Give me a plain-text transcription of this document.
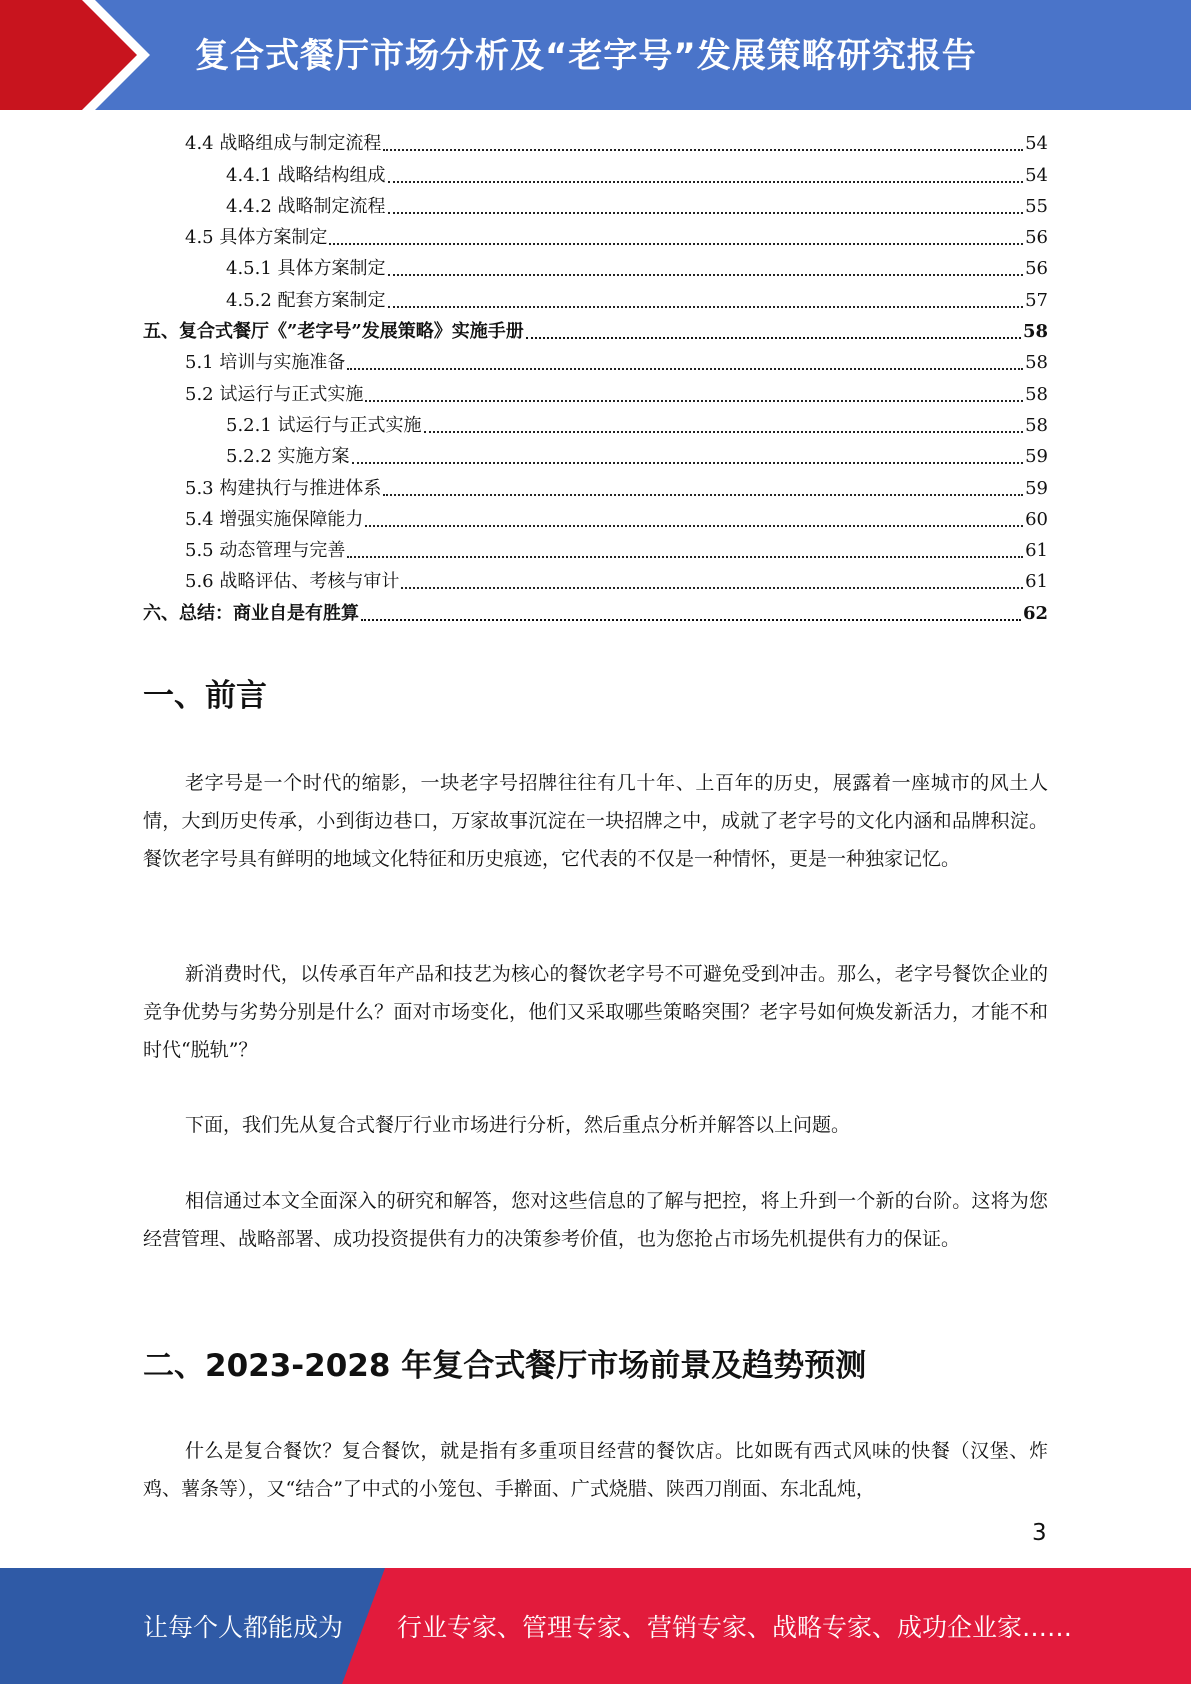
复合式餐厅市场分析及“老字号”发展策略研究报告
4.4 战略组成与制定流程	54
4.4.1 战略结构组成	54
4.4.2 战略制定流程	55
4.5 具体方案制定	56
4.5.1 具体方案制定	56
4.5.2 配套方案制定	57
五、复合式餐厅《”老字号”发展策略》实施手册	58
5.1 培训与实施准备	58
5.2 试运行与正式实施	58
5.2.1 试运行与正式实施	58
5.2.2 实施方案	59
5.3 构建执行与推进体系	59
5.4 增强实施保障能力	60
5.5 动态管理与完善	61
5.6 战略评估、考核与审计	61
六、总结：商业自是有胜算	62
一、前言

老字号是一个时代的缩影，一块老字号招牌往往有几十年、上百年的历史，展露着一座城市的风土人情，大到历史传承，小到街边巷口，万家故事沉淀在一块招牌之中，成就了老字号的文化内涵和品牌积淀。餐饮老字号具有鲜明的地域文化特征和历史痕迹，它代表的不仅是一种情怀，更是一种独家记忆。

新消费时代，以传承百年产品和技艺为核心的餐饮老字号不可避免受到冲击。那么，老字号餐饮企业的竞争优势与劣势分别是什么？面对市场变化，他们又采取哪些策略突围？老字号如何焕发新活力，才能不和时代“脱轨”？

下面，我们先从复合式餐厅行业市场进行分析，然后重点分析并解答以上问题。

相信通过本文全面深入的研究和解答，您对这些信息的了解与把控，将上升到一个新的台阶。这将为您经营管理、战略部署、成功投资提供有力的决策参考价值，也为您抢占市场先机提供有力的保证。

二、2023-2028 年复合式餐厅市场前景及趋势预测

什么是复合餐饮？复合餐饮，就是指有多重项目经营的餐饮店。比如既有西式风味的快餐（汉堡、炸鸡、薯条等），又“结合”了中式的小笼包、手擀面、广式烧腊、陕西刀削面、东北乱炖，

3
让每个人都能成为 行业专家、管理专家、营销专家、战略专家、成功企业家……
